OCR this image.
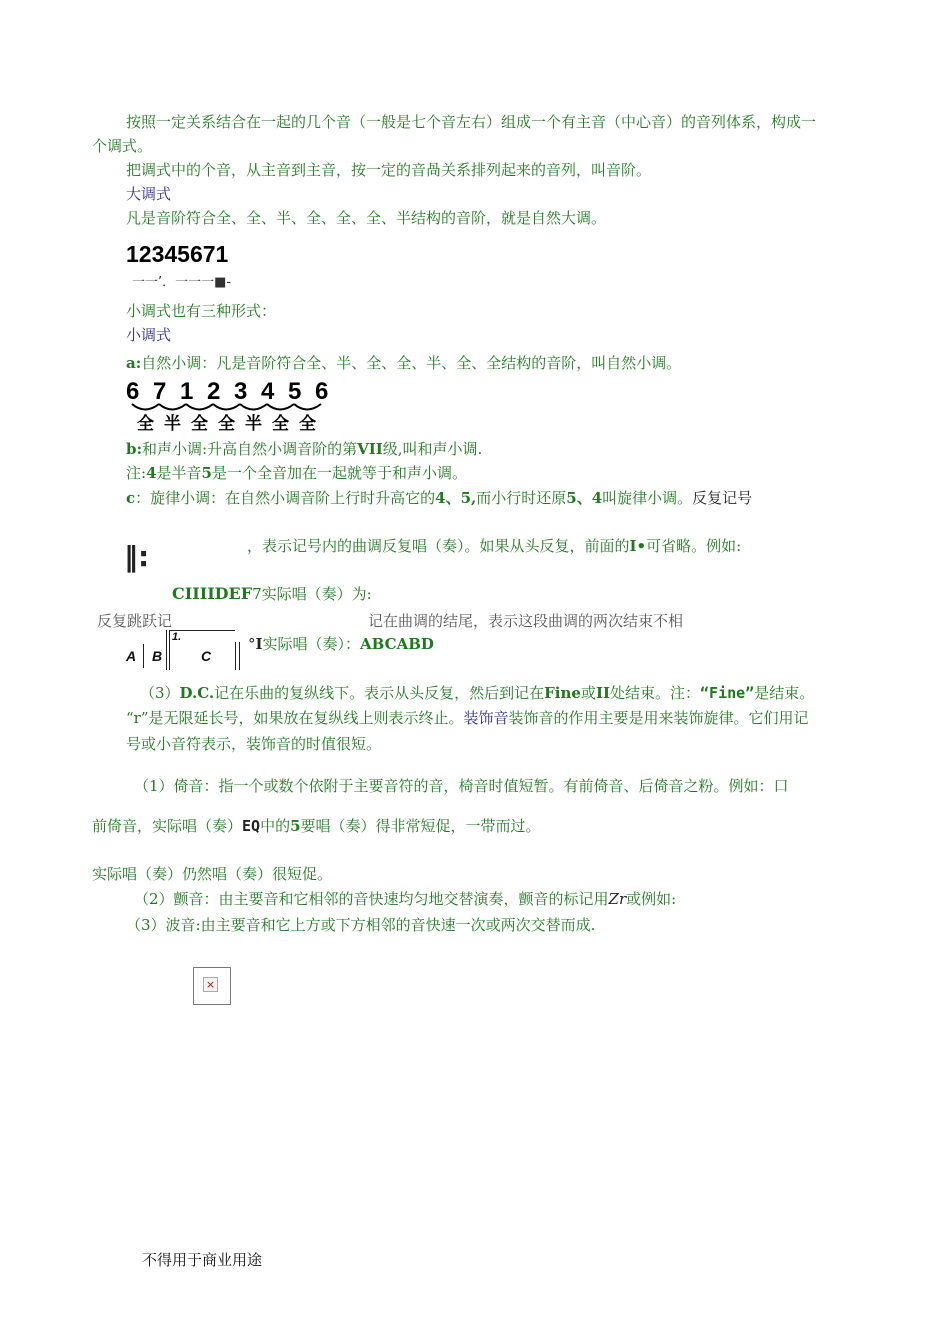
按照一定关系结合在一起的几个音（一般是七个音左右）组成一个有主音（中心音）的音列体系，构成一
个调式。
把调式中的个音，从主音到主音，按一定的音咼关系排列起来的音列，叫音阶。
大调式
凡是音阶符合全、全、半、全、全、全、半结构的音阶，就是自然大调。
12345671
一一’．一一一■-
小调式也有三种形式：
小调式
a:自然小调：凡是音阶符合全、半、全、全、半、全、全结构的音阶，叫自然小调。
6 7 1 2 3 4 5 6
全 半 全 全 半 全 全
b:和声小调:升高自然小调音阶的第VII级,叫和声小调.
注:4是半音5是一个全音加在一起就等于和声小调。
c：旋律小调：在自然小调音阶上行时升高它的4、5,而小行时还原5、4叫旋律小调。反复记号
‖:	，表示记号内的曲调反复唱（奏）。如果从头反复，前面的I•可省略。例如:
CIIIIDEF7实际唱（奏）为:
反复跳跃记	记在曲调的结尾，表示这段曲调的两次结束不相
A B
1.
C
°I实际唱（奏）：ABCABD
（3）D.C.记在乐曲的复纵线下。表示从头反复，然后到记在Fine或II处结束。注：“Fine”是结束。
“r”是无限延长号，如果放在复纵线上则表示终止。装饰音装饰音的作用主要是用来装饰旋律。它们用记
号或小音符表示，装饰音的时值很短。
（1）倚音：指一个或数个依附于主要音符的音，椅音时值短暂。有前倚音、后倚音之粉。例如：口
前倚音，实际唱（奏）EQ中的5要唱（奏）得非常短促，一带而过。
实际唱（奏）仍然唱（奏）很短促。
（2）颤音：由主要音和它相邻的音快速均匀地交替演奏，颤音的标记用Zr或例如:
（3）波音:由主要音和它上方或下方相邻的音快速一次或两次交替而成.
×
不得用于商业用途
